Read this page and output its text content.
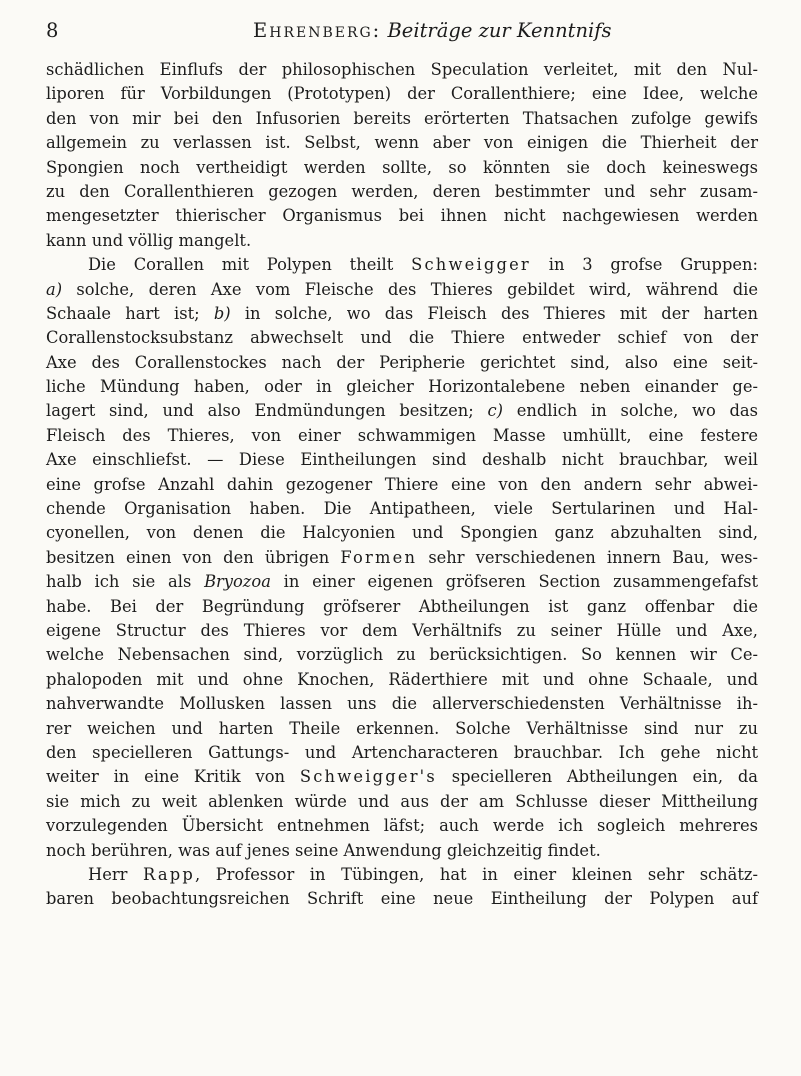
8	Ehrenberg: Beiträge zur Kenntnifs
schädlichen Einflufs der philosophischen Speculation verleitet, mit den Nul-
liporen für Vorbildungen (Prototypen) der Corallenthiere; eine Idee, welche
den von mir bei den Infusorien bereits erörterten Thatsachen zufolge gewifs
allgemein zu verlassen ist. Selbst, wenn aber von einigen die Thierheit der
Spongien noch vertheidigt werden sollte, so könnten sie doch keineswegs
zu den Corallenthieren gezogen werden, deren bestimmter und sehr zusam-
mengesetzter thierischer Organismus bei ihnen nicht nachgewiesen werden
kann und völlig mangelt.
Die Corallen mit Polypen theilt Schweigger in 3 grofse Gruppen:
a) solche, deren Axe vom Fleische des Thieres gebildet wird, während die
Schaale hart ist; b) in solche, wo das Fleisch des Thieres mit der harten
Corallenstocksubstanz abwechselt und die Thiere entweder schief von der
Axe des Corallenstockes nach der Peripherie gerichtet sind, also eine seit-
liche Mündung haben, oder in gleicher Horizontalebene neben einander ge-
lagert sind, und also Endmündungen besitzen; c) endlich in solche, wo das
Fleisch des Thieres, von einer schwammigen Masse umhüllt, eine festere
Axe einschliefst. — Diese Eintheilungen sind deshalb nicht brauchbar, weil
eine grofse Anzahl dahin gezogener Thiere eine von den andern sehr abwei-
chende Organisation haben. Die Antipatheen, viele Sertularinen und Hal-
cyonellen, von denen die Halcyonien und Spongien ganz abzuhalten sind,
besitzen einen von den übrigen Formen sehr verschiedenen innern Bau, wes-
halb ich sie als Bryozoa in einer eigenen gröfseren Section zusammengefafst
habe. Bei der Begründung gröfserer Abtheilungen ist ganz offenbar die
eigene Structur des Thieres vor dem Verhältnifs zu seiner Hülle und Axe,
welche Nebensachen sind, vorzüglich zu berücksichtigen. So kennen wir Ce-
phalopoden mit und ohne Knochen, Räderthiere mit und ohne Schaale, und
nahverwandte Mollusken lassen uns die allerverschiedensten Verhältnisse ih-
rer weichen und harten Theile erkennen. Solche Verhältnisse sind nur zu
den specielleren Gattungs- und Artencharacteren brauchbar. Ich gehe nicht
weiter in eine Kritik von Schweigger's specielleren Abtheilungen ein, da
sie mich zu weit ablenken würde und aus der am Schlusse dieser Mittheilung
vorzulegenden Übersicht entnehmen läfst; auch werde ich sogleich mehreres
noch berühren, was auf jenes seine Anwendung gleichzeitig findet.
Herr Rapp, Professor in Tübingen, hat in einer kleinen sehr schätz-
baren beobachtungsreichen Schrift eine neue Eintheilung der Polypen auf
